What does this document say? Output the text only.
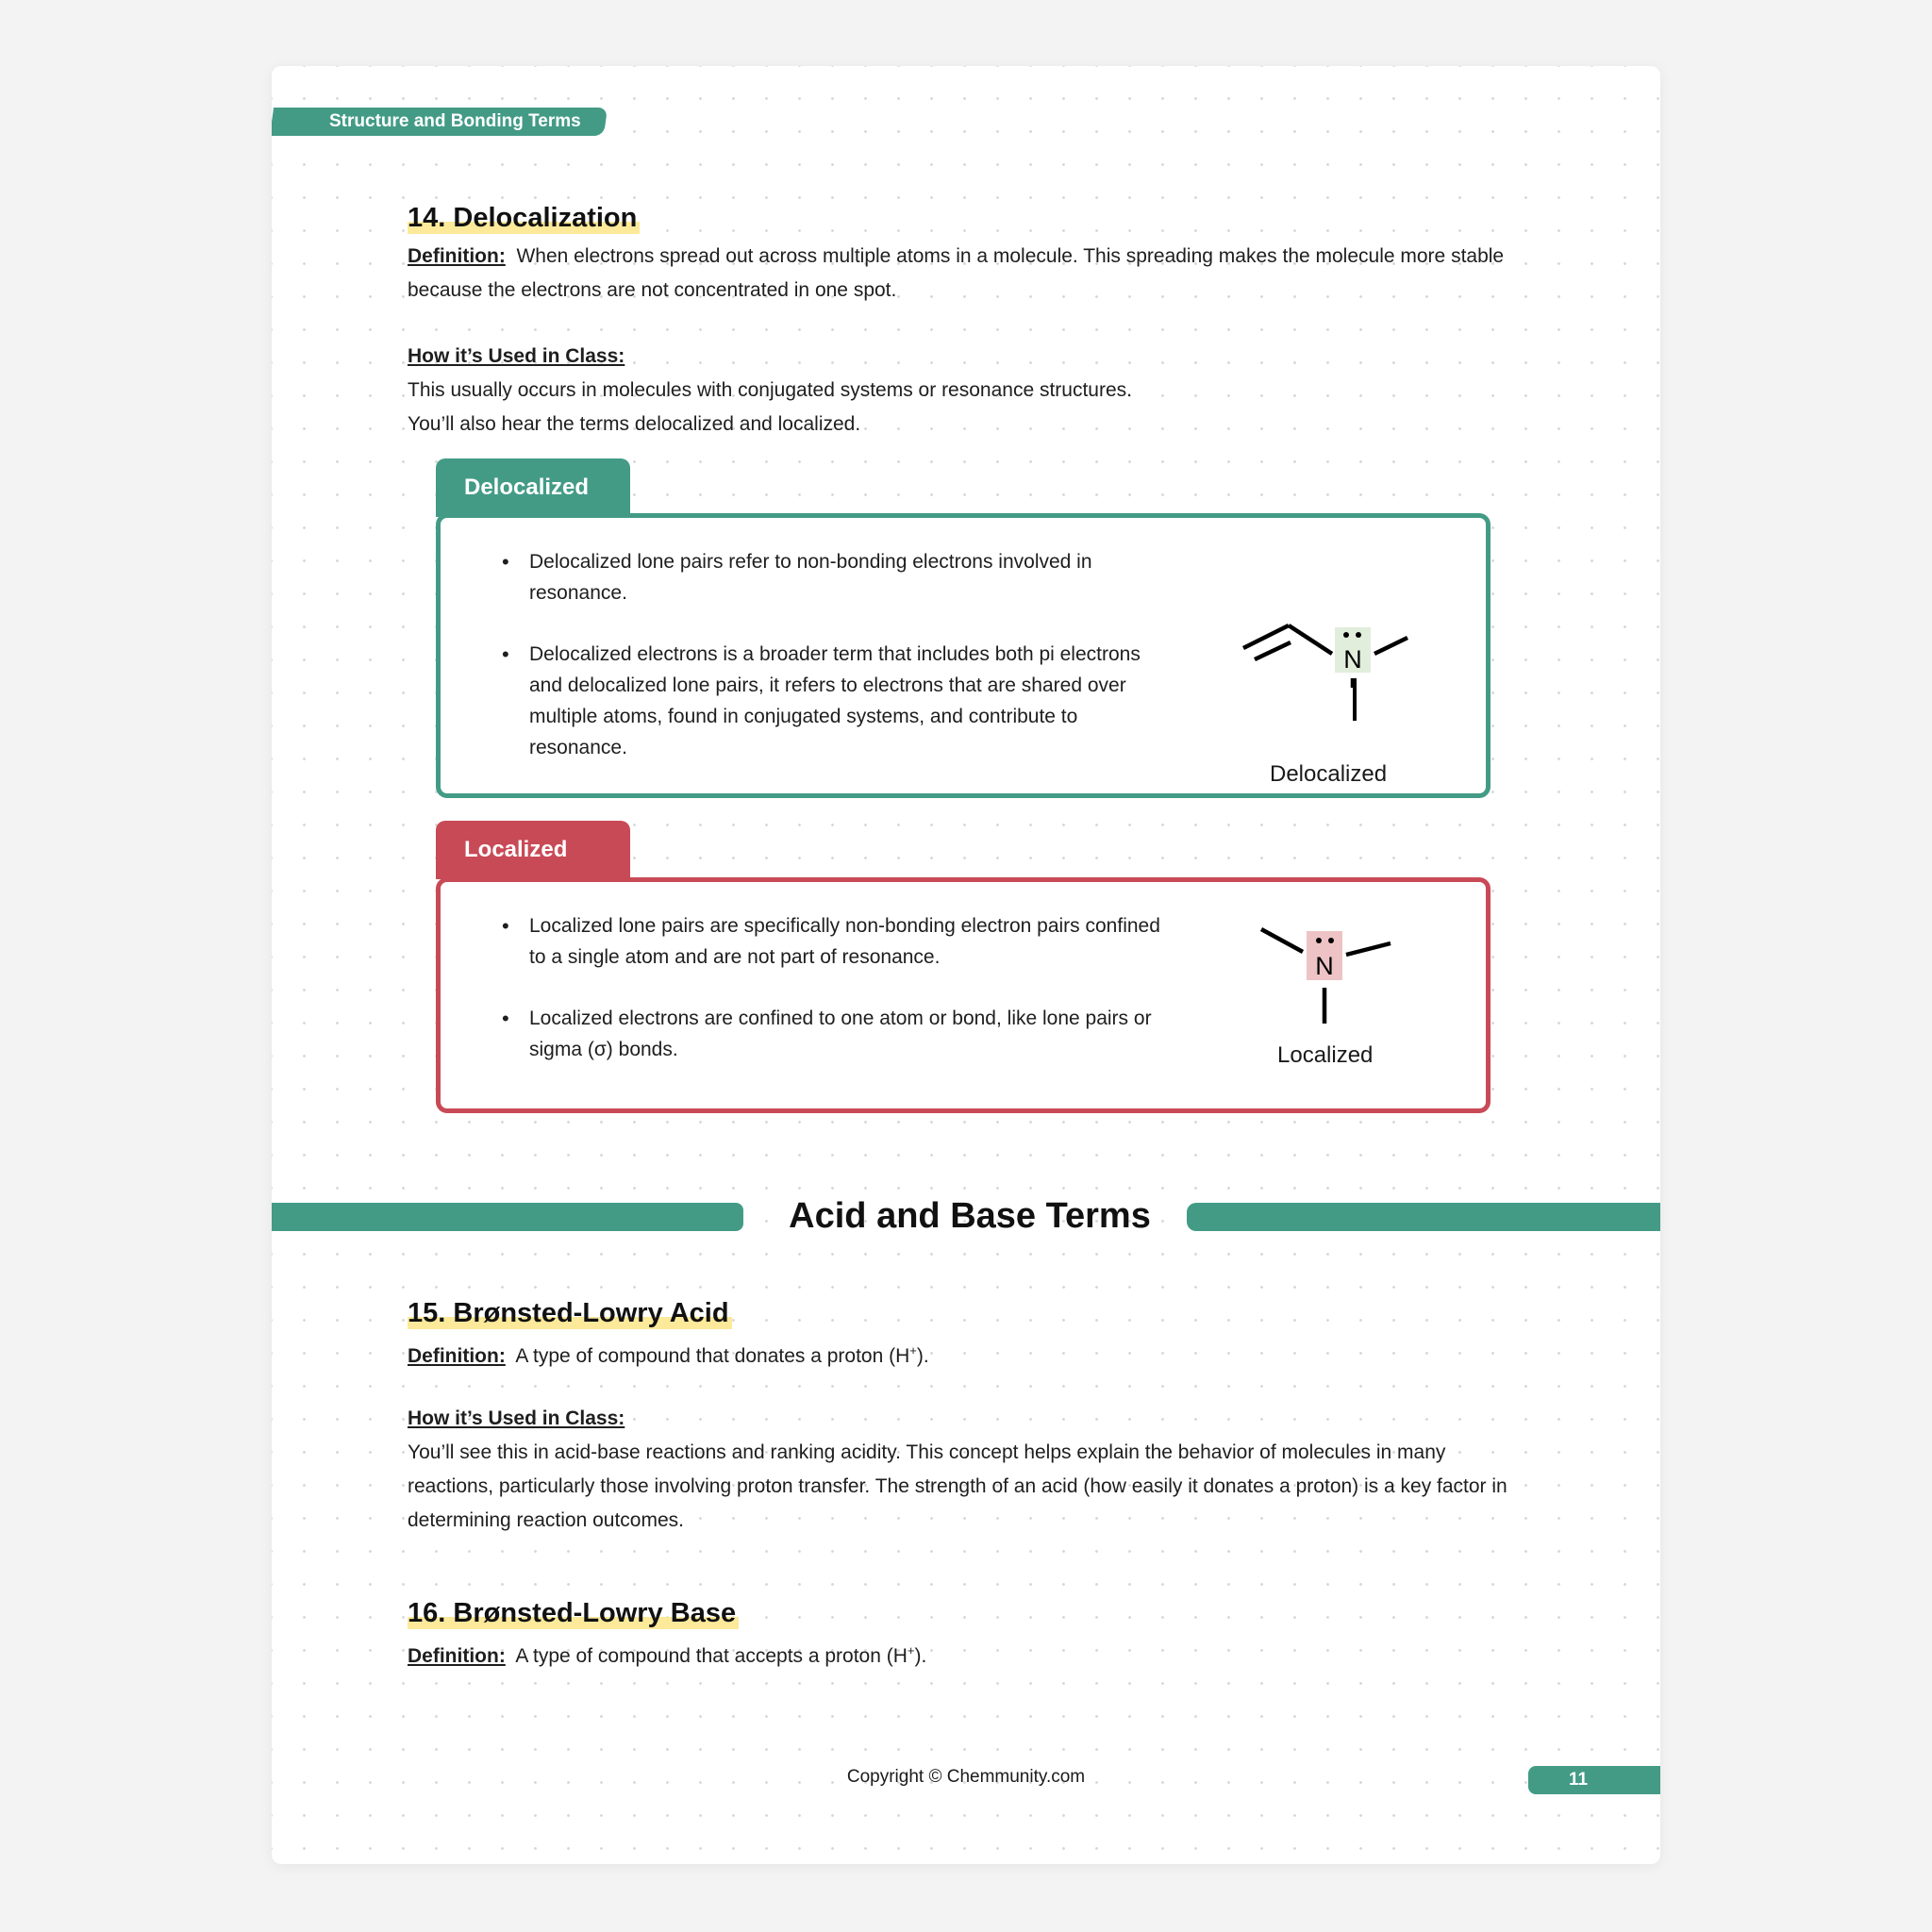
Structure and Bonding Terms
14. Delocalization
Definition: When electrons spread out across multiple atoms in a molecule. This spreading makes the molecule more stable because the electrons are not concentrated in one spot.
How it’s Used in Class:
This usually occurs in molecules with conjugated systems or resonance structures.
You’ll also hear the terms delocalized and localized.
Delocalized
• Delocalized lone pairs refer to non-bonding electrons involved in resonance.
• Delocalized electrons is a broader term that includes both pi electrons and delocalized lone pairs, it refers to electrons that are shared over multiple atoms, found in conjugated systems, and contribute to resonance.
N
Delocalized
Localized
• Localized lone pairs are specifically non-bonding electron pairs confined to a single atom and are not part of resonance.
• Localized electrons are confined to one atom or bond, like lone pairs or sigma (σ) bonds.
N
Localized
Acid and Base Terms
15. Brønsted-Lowry Acid
Definition: A type of compound that donates a proton (H+).
How it’s Used in Class:
You’ll see this in acid-base reactions and ranking acidity. This concept helps explain the behavior of molecules in many reactions, particularly those involving proton transfer. The strength of an acid (how easily it donates a proton) is a key factor in determining reaction outcomes.
16. Brønsted-Lowry Base
Definition: A type of compound that accepts a proton (H+).
Copyright © Chemmunity.com	11
